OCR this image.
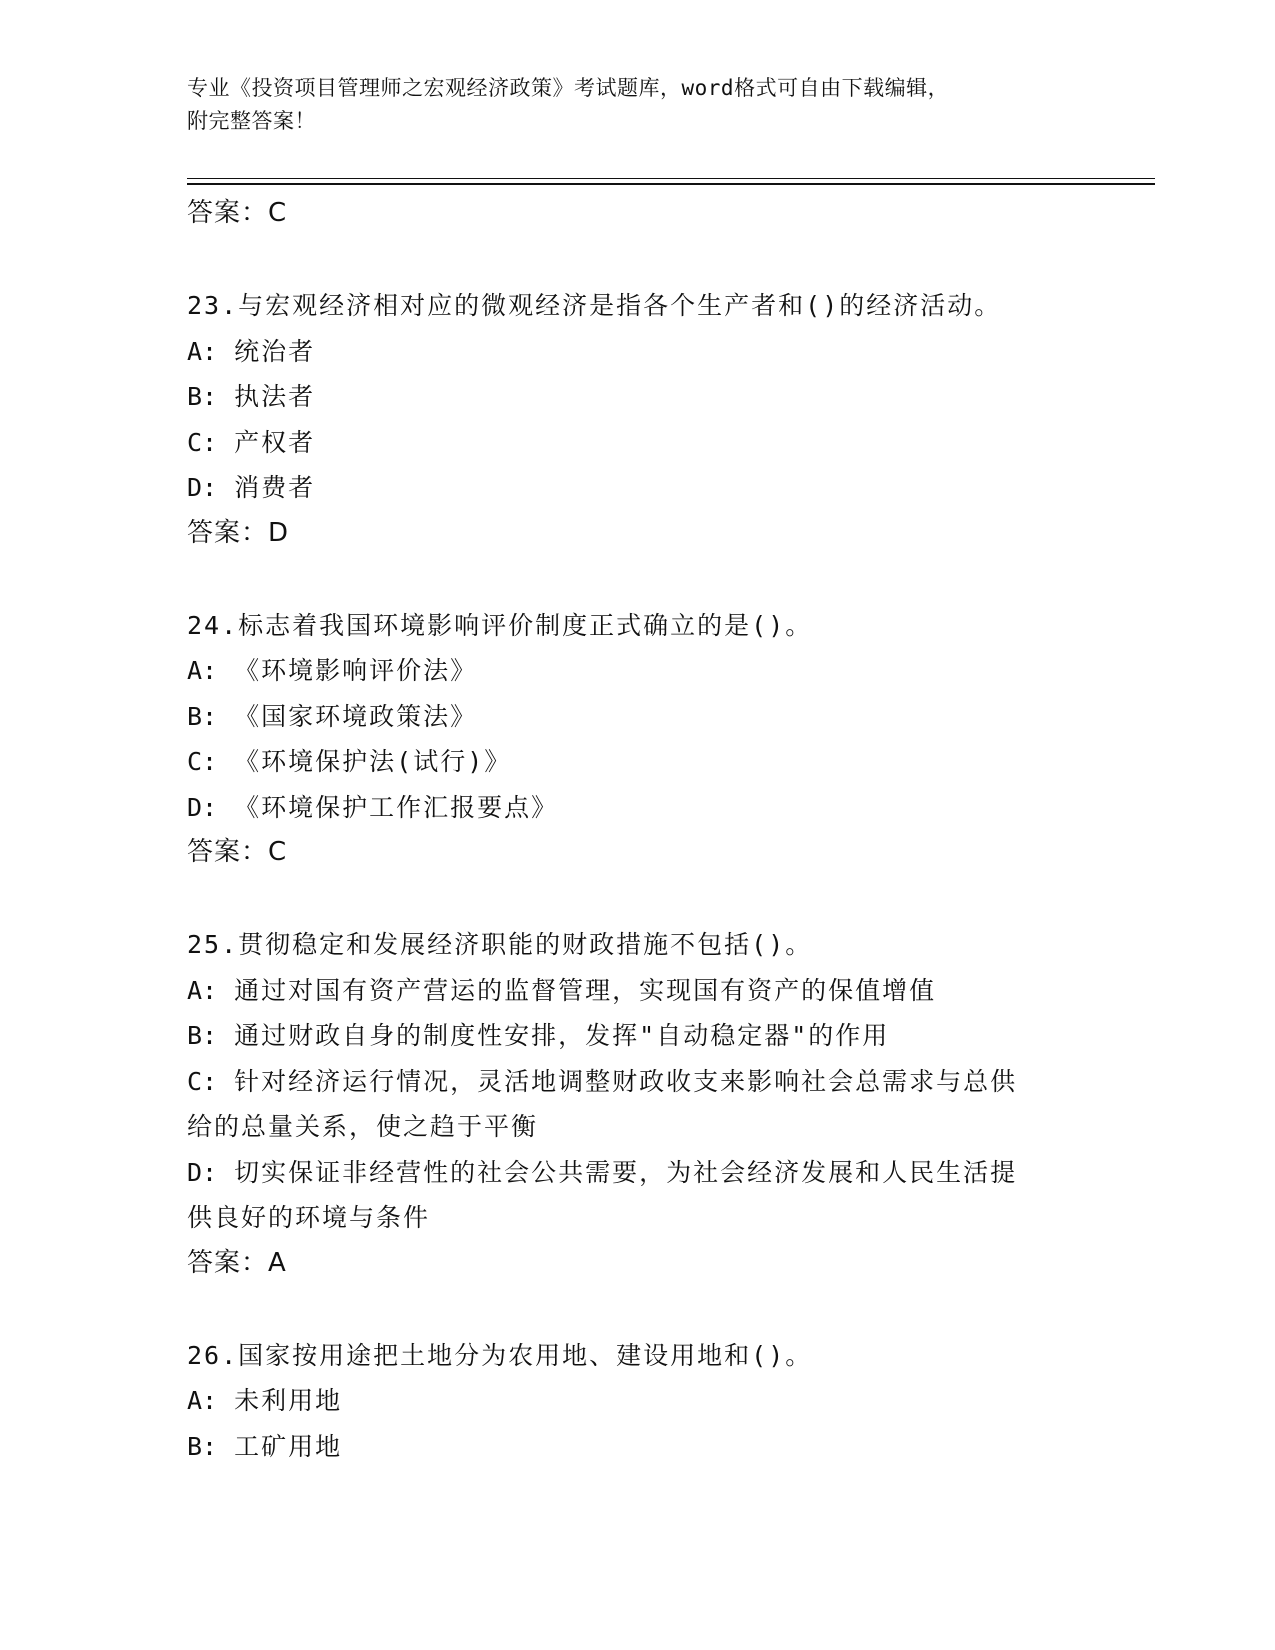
专业《投资项目管理师之宏观经济政策》考试题库，word格式可自由下载编辑，
附完整答案！
答案：C
23.与宏观经济相对应的微观经济是指各个生产者和()的经济活动。
A: 统治者
B: 执法者
C: 产权者
D: 消费者
答案：D
24.标志着我国环境影响评价制度正式确立的是()。
A: 《环境影响评价法》
B: 《国家环境政策法》
C: 《环境保护法(试行)》
D: 《环境保护工作汇报要点》
答案：C
25.贯彻稳定和发展经济职能的财政措施不包括()。
A: 通过对国有资产营运的监督管理，实现国有资产的保值增值
B: 通过财政自身的制度性安排，发挥"自动稳定器"的作用
C: 针对经济运行情况，灵活地调整财政收支来影响社会总需求与总供
给的总量关系，使之趋于平衡
D: 切实保证非经营性的社会公共需要，为社会经济发展和人民生活提
供良好的环境与条件
答案：A
26.国家按用途把土地分为农用地、建设用地和()。
A: 未利用地
B: 工矿用地
